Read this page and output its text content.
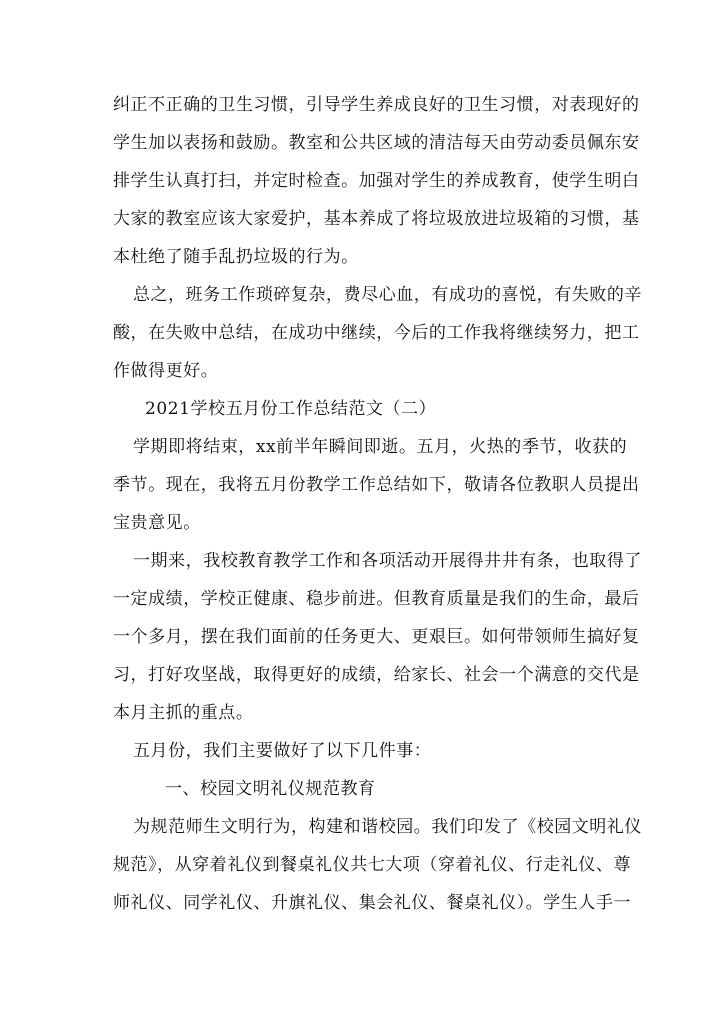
纠正不正确的卫生习惯，引导学生养成良好的卫生习惯，对表现好的
学生加以表扬和鼓励。教室和公共区域的清洁每天由劳动委员佩东安
排学生认真打扫，并定时检查。加强对学生的养成教育，使学生明白
大家的教室应该大家爱护，基本养成了将垃圾放进垃圾箱的习惯，基
本杜绝了随手乱扔垃圾的行为。
总之，班务工作琐碎复杂，费尽心血，有成功的喜悦，有失败的辛
酸，在失败中总结，在成功中继续，今后的工作我将继续努力，把工
作做得更好。
2021学校五月份工作总结范文（二）
学期即将结束，xx前半年瞬间即逝。五月，火热的季节，收获的
季节。现在，我将五月份教学工作总结如下，敬请各位教职人员提出
宝贵意见。
一期来，我校教育教学工作和各项活动开展得井井有条，也取得了
一定成绩，学校正健康、稳步前进。但教育质量是我们的生命，最后
一个多月，摆在我们面前的任务更大、更艰巨。如何带领师生搞好复
习，打好攻坚战，取得更好的成绩，给家长、社会一个满意的交代是
本月主抓的重点。
五月份，我们主要做好了以下几件事：
一、校园文明礼仪规范教育
为规范师生文明行为，构建和谐校园。我们印发了《校园文明礼仪
规范》，从穿着礼仪到餐桌礼仪共七大项（穿着礼仪、行走礼仪、尊
师礼仪、同学礼仪、升旗礼仪、集会礼仪、餐桌礼仪）。学生人手一
